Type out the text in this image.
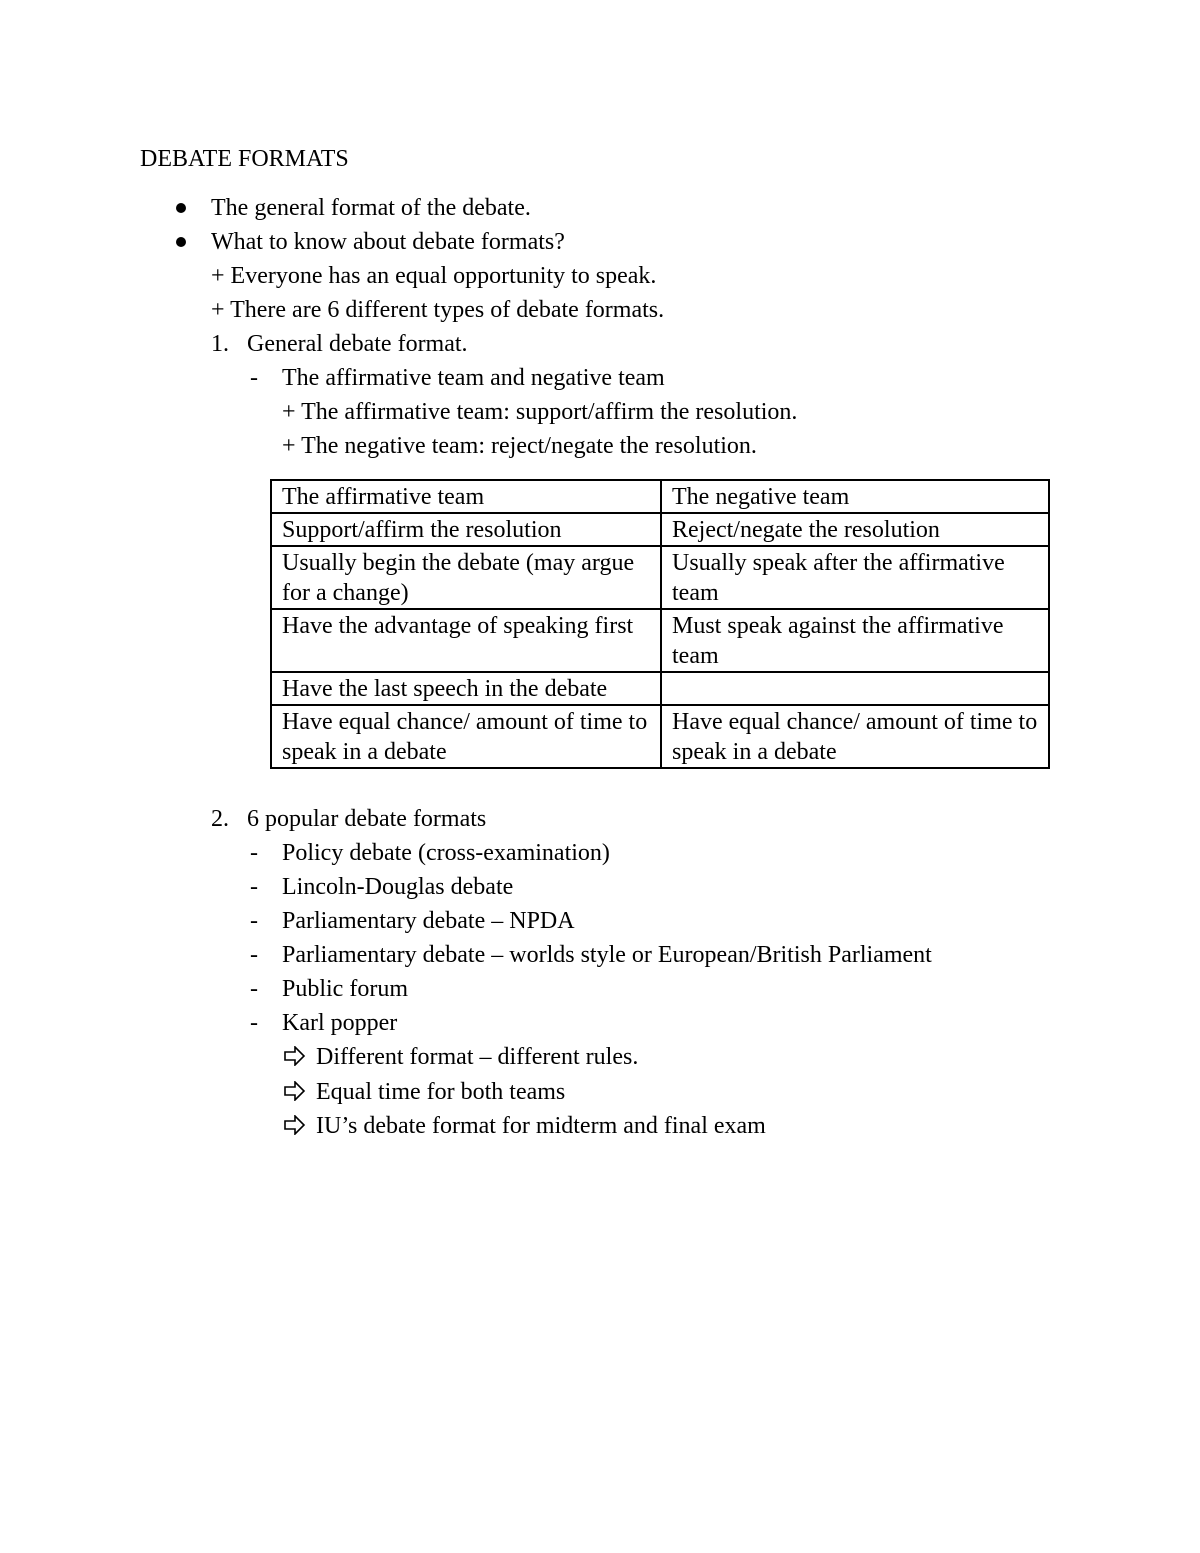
DEBATE FORMATS
The general format of the debate.
What to know about debate formats?
+ Everyone has an equal opportunity to speak.
+ There are 6 different types of debate formats.
1. General debate format.
- The affirmative team and negative team
+ The affirmative team: support/affirm the resolution.
+ The negative team: reject/negate the resolution.
The affirmative team	The negative team
Support/affirm the resolution	Reject/negate the resolution
Usually begin the debate (may argue for a change)	Usually speak after the affirmative team
Have the advantage of speaking first	Must speak against the affirmative team
Have the last speech in the debate	
Have equal chance/ amount of time to speak in a debate	Have equal chance/ amount of time to speak in a debate
2. 6 popular debate formats
- Policy debate (cross-examination)
- Lincoln-Douglas debate
- Parliamentary debate – NPDA
- Parliamentary debate – worlds style or European/British Parliament
- Public forum
- Karl popper
Different format – different rules.
Equal time for both teams
IU’s debate format for midterm and final exam
